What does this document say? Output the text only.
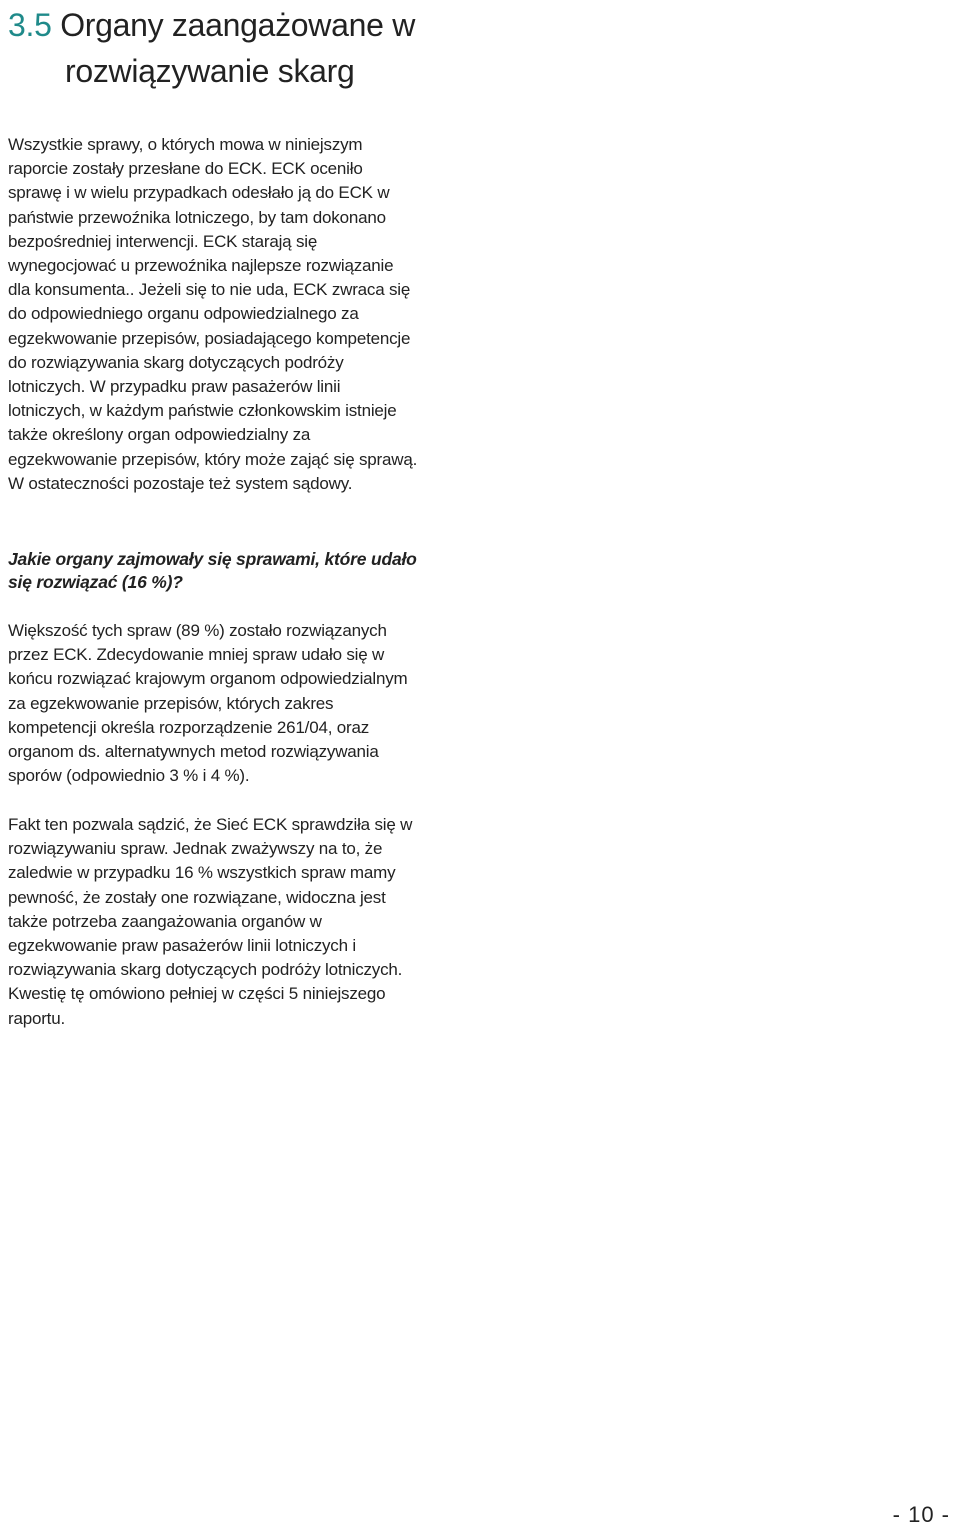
3.5 Organy zaangażowane w
rozwiązywanie skarg

Wszystkie sprawy, o których mowa w niniejszym raporcie zostały przesłane do ECK. ECK oceniło sprawę i w wielu przypadkach odesłało ją do ECK w państwie przewoźnika lotniczego, by tam dokonano bezpośredniej interwencji. ECK starają się wynegocjować u przewoźnika najlepsze rozwiązanie dla konsumenta.. Jeżeli się to nie uda, ECK zwraca się do odpowiedniego organu odpowiedzialnego za egzekwowanie przepisów, posiadającego kompetencje do rozwiązywania skarg dotyczących podróży lotniczych. W przypadku praw pasażerów linii lotniczych, w każdym państwie członkowskim istnieje także określony organ odpowiedzialny za egzekwowanie przepisów, który może zająć się sprawą. W ostateczności pozostaje też system sądowy.

Jakie organy zajmowały się sprawami, które udało się rozwiązać (16 %)?

Większość tych spraw (89 %) zostało rozwiązanych przez ECK. Zdecydowanie mniej spraw udało się w końcu rozwiązać krajowym organom odpowiedzialnym za egzekwowanie przepisów, których zakres kompetencji określa rozporządzenie 261/04, oraz organom ds. alternatywnych metod rozwiązywania sporów (odpowiednio 3 % i 4 %).

Fakt ten pozwala sądzić, że Sieć ECK sprawdziła się w rozwiązywaniu spraw. Jednak zważywszy na to, że zaledwie w przypadku 16 % wszystkich spraw mamy pewność, że zostały one rozwiązane, widoczna jest także potrzeba zaangażowania organów w egzekwowanie praw pasażerów linii lotniczych i rozwiązywania skarg dotyczących podróży lotniczych. Kwestię tę omówiono pełniej w części 5 niniejszego raportu.

- 10 -
